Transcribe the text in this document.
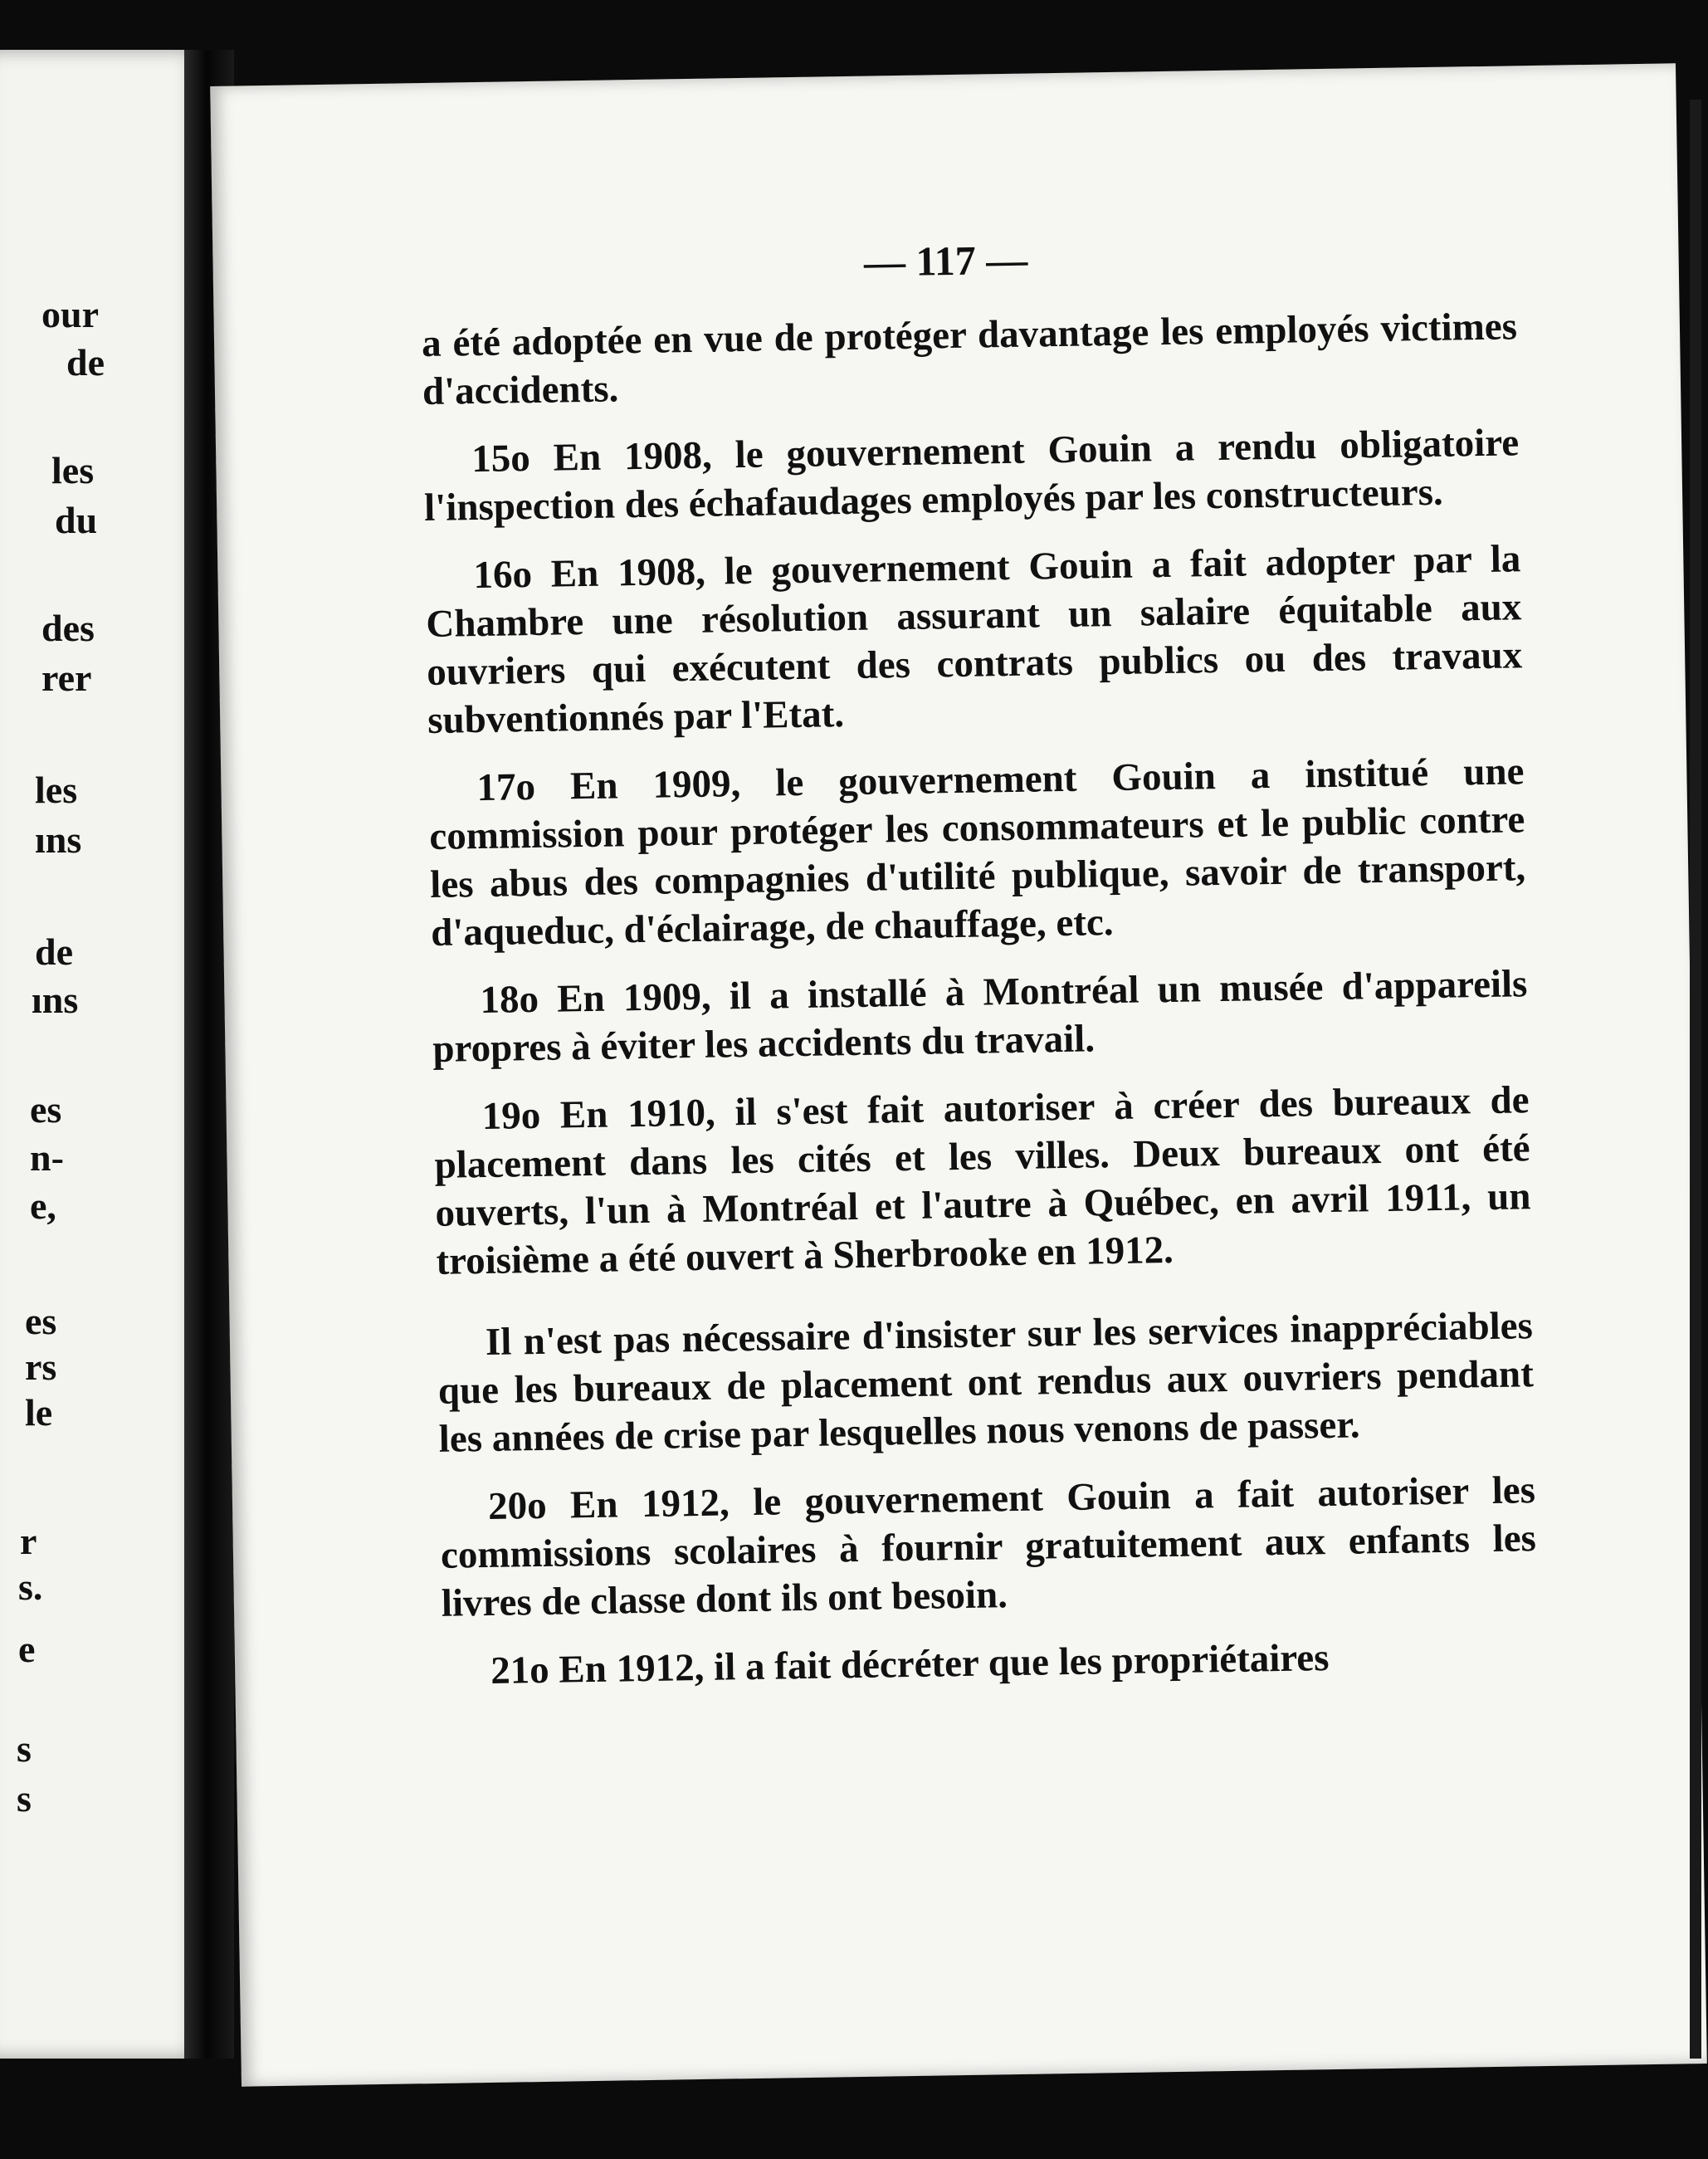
our
de
les
du
des
rer
les
ıns
de
ıns
es
n-
e,
es
rs
le
r
s.
e
s
s
— 117 —

a été adoptée en vue de protéger davantage les employés victimes d'accidents.

15o En 1908, le gouvernement Gouin a rendu obligatoire l'inspection des échafaudages employés par les constructeurs.

16o En 1908, le gouvernement Gouin a fait adopter par la Chambre une résolution assurant un salaire équitable aux ouvriers qui exécutent des contrats publics ou des travaux subventionnés par l'Etat.

17o En 1909, le gouvernement Gouin a institué une commission pour protéger les consommateurs et le public contre les abus des compagnies d'utilité publique, savoir de transport, d'aqueduc, d'éclairage, de chauffage, etc.

18o En 1909, il a installé à Montréal un musée d'appareils propres à éviter les accidents du travail.

19o En 1910, il s'est fait autoriser à créer des bureaux de placement dans les cités et les villes. Deux bureaux ont été ouverts, l'un à Montréal et l'autre à Québec, en avril 1911, un troisième a été ouvert à Sherbrooke en 1912.

Il n'est pas nécessaire d'insister sur les services inappréciables que les bureaux de placement ont rendus aux ouvriers pendant les années de crise par lesquelles nous venons de passer.

20o En 1912, le gouvernement Gouin a fait autoriser les commissions scolaires à fournir gratuitement aux enfants les livres de classe dont ils ont besoin.

21o En 1912, il a fait décréter que les propriétaires
